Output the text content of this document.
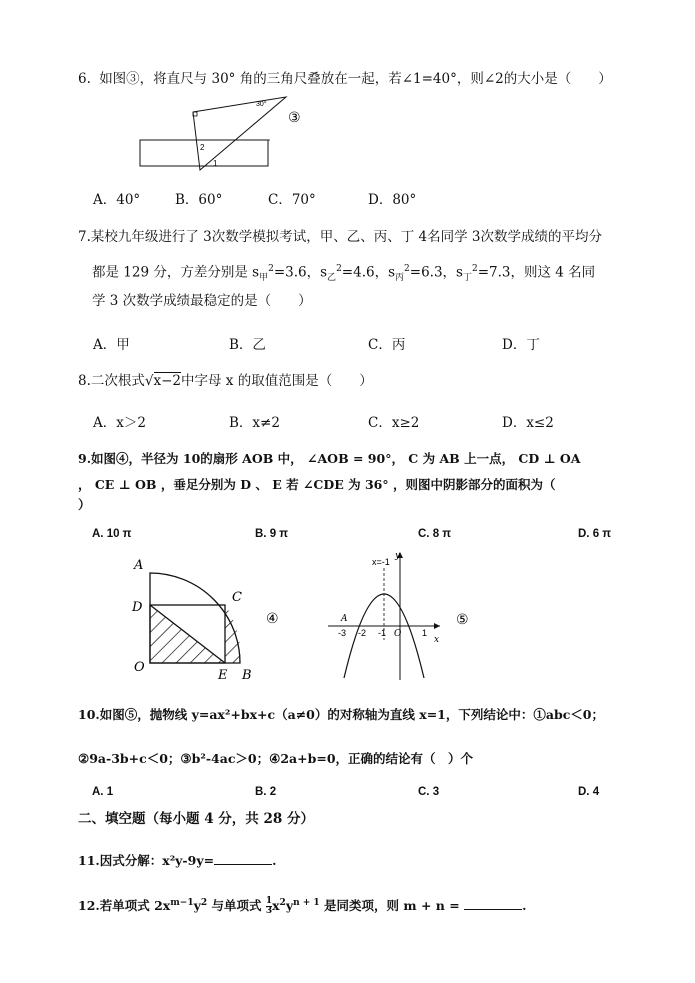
6. 如图③，将直尺与 30° 角的三角尺叠放在一起，若∠1=40°，则∠2的大小是（　　）
30°
2
1
③
A．40°	B．60°	C．70°	D．80°
7.某校九年级进行了 3次数学模拟考试，甲、乙、丙、丁 4名同学 3次数学成绩的平均分
都是 129 分，方差分别是 $s_甲^2=3.6$，$s_乙^2=4.6$，$s_丙^2=6.3$，$s_丁^2=7.3$，则这 4 名同
学 3 次数学成绩最稳定的是（　　）
A．甲	B．乙	C．丙	D．丁
8.二次根式√x−2中字母 x 的取值范围是（　　）
A．x＞2	B．x≠2	C．x≥2	D．x≤2
9.如图④，半径为 10的扇形 AOB 中， ∠AOB = 90°， C 为 AB 上一点， CD ⊥ OA
， CE ⊥ OB ，垂足分别为 D 、 E 若 ∠CDE 为 36° ，则图中阴影部分的面积为（
）
A. 10 π	B. 9 π	C. 8 π	D. 6 π
A
C
D
O
E B
④
x=-1
y
x
A
-3 -2 -1 O 1
⑤
10.如图⑤，抛物线 y=ax²+bx+c（a≠0）的对称轴为直线 x=1，下列结论中：①abc＜0；
②9a-3b+c＜0；③b²-4ac＞0；④2a+b=0，正确的结论有（　）个
A. 1	B. 2	C. 3	D. 4
二、填空题（每小题 4 分，共 28 分）
11.因式分解：x²y-9y=	.
12.若单项式 $2x^{m-1}y^2$ 与单项式 $\frac{1}{3} x^2y^{n + 1}$ 是同类项，则 m + n =	.
